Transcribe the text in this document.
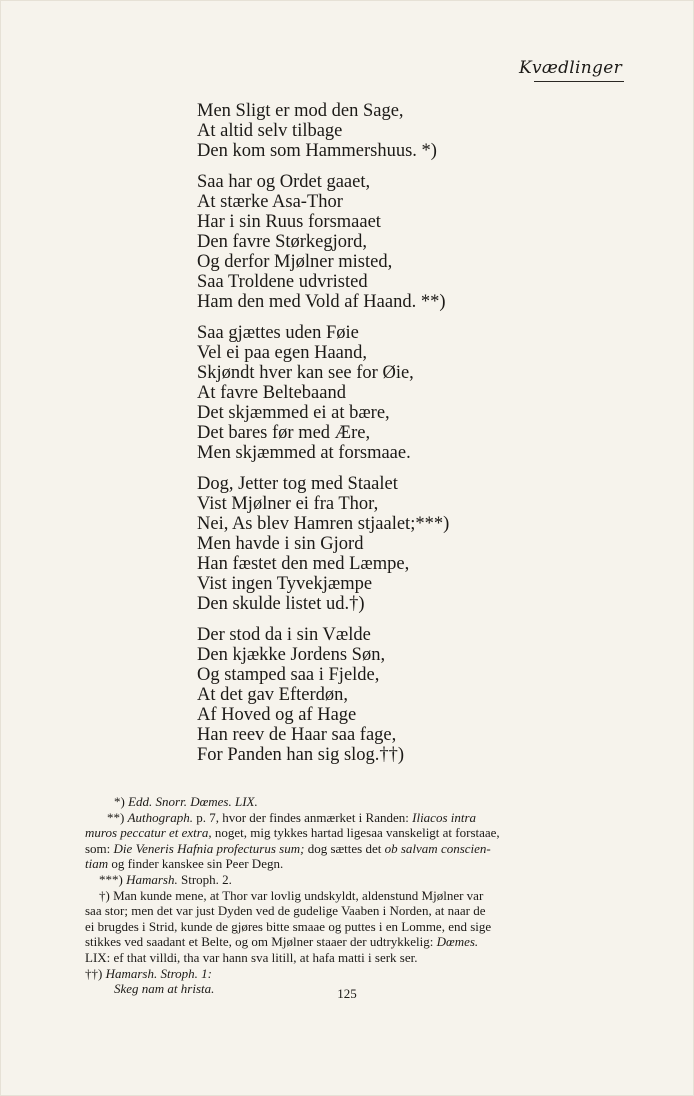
Kvædlinger
Men Sligt er mod den Sage,
At altid selv tilbage
Den kom som Hammershuus. *)
Saa har og Ordet gaaet,
At stærke Asa-Thor
Har i sin Ruus forsmaaet
Den favre Størkegjord,
Og derfor Mjølner misted,
Saa Troldene udvristed
Ham den med Vold af Haand. **)
Saa gjættes uden Føie
Vel ei paa egen Haand,
Skjøndt hver kan see for Øie,
At favre Beltebaand
Det skjæmmed ei at bære,
Det bares før med Ære,
Men skjæmmed at forsmaae.
Dog, Jetter tog med Staalet
Vist Mjølner ei fra Thor,
Nei, As blev Hamren stjaalet;***)
Men havde i sin Gjord
Han fæstet den med Læmpe,
Vist ingen Tyvekjæmpe
Den skulde listet ud.†)
Der stod da i sin Vælde
Den kjække Jordens Søn,
Og stamped saa i Fjelde,
At det gav Efterdøn,
Af Hoved og af Hage
Han reev de Haar saa fage,
For Panden han sig slog.††)
*) Edd. Snorr. Dœmes. LIX.
**) Authograph. p. 7, hvor der findes anmærket i Randen: Iliacos intra
muros peccatur et extra, noget, mig tykkes hartad ligesaa vanskeligt at forstaae,
som: Die Veneris Hafnia profecturus sum; dog sættes det ob salvam conscien-
tiam og finder kanskee sin Peer Degn.
***) Hamarsh. Stroph. 2.
†) Man kunde mene, at Thor var lovlig undskyldt, aldenstund Mjølner var
saa stor; men det var just Dyden ved de gudelige Vaaben i Norden, at naar de
ei brugdes i Strid, kunde de gjøres bitte smaae og puttes i en Lomme, end sige
stikkes ved saadant et Belte, og om Mjølner staaer der udtrykkelig: Dœmes.
LIX: ef that villdi, tha var hann sva litill, at hafa matti i serk ser.
††) Hamarsh. Stroph. 1:
Skeg nam at hrista.	125
